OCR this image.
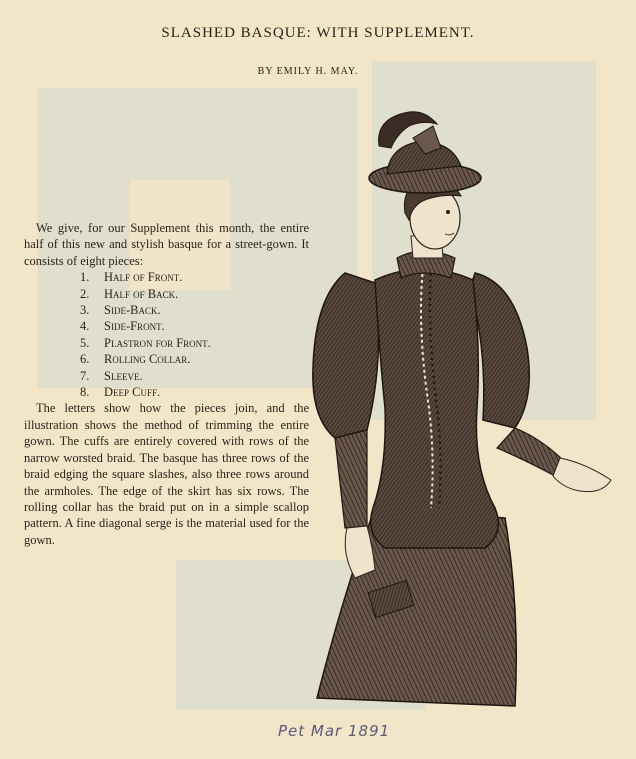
SLASHED BASQUE: WITH SUPPLEMENT.
BY EMILY H. MAY.

We give, for our Supplement this month, the entire half of this new and stylish basque for a street-gown. It consists of eight pieces:

1. Half of Front.
2. Half of Back.
3. Side-Back.
4. Side-Front.
5. Plastron for Front.
6. Rolling Collar.
7. Sleeve.
8. Deep Cuff.

The letters show how the pieces join, and the illustration shows the method of trimming the entire gown. The cuffs are entirely covered with rows of the narrow worsted braid. The basque has three rows of the braid edging the square slashes, also three rows around the armholes. The edge of the skirt has six rows. The rolling collar has the braid put on in a simple scallop pattern. A fine diagonal serge is the material used for the gown.

Pet Mar 1891
